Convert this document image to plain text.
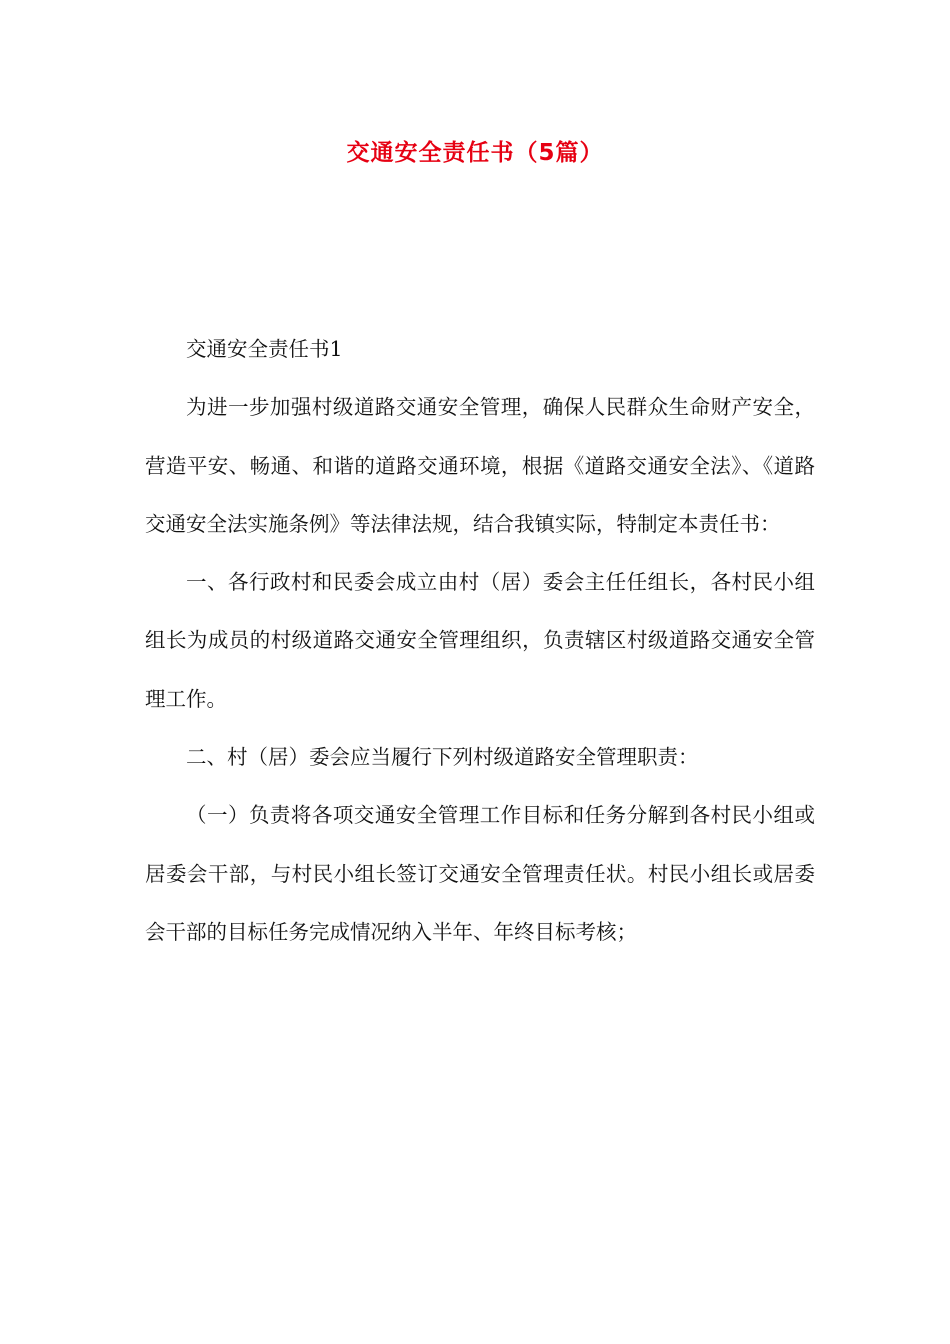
交通安全责任书（5篇）

交通安全责任书1

为进一步加强村级道路交通安全管理，确保人民群众生命财产安全，营造平安、畅通、和谐的道路交通环境，根据《道路交通安全法》、《道路交通安全法实施条例》等法律法规，结合我镇实际，特制定本责任书：

一、各行政村和民委会成立由村（居）委会主任任组长，各村民小组组长为成员的村级道路交通安全管理组织，负责辖区村级道路交通安全管理工作。

二、村（居）委会应当履行下列村级道路安全管理职责：

（一）负责将各项交通安全管理工作目标和任务分解到各村民小组或居委会干部，与村民小组长签订交通安全管理责任状。村民小组长或居委会干部的目标任务完成情况纳入半年、年终目标考核；
